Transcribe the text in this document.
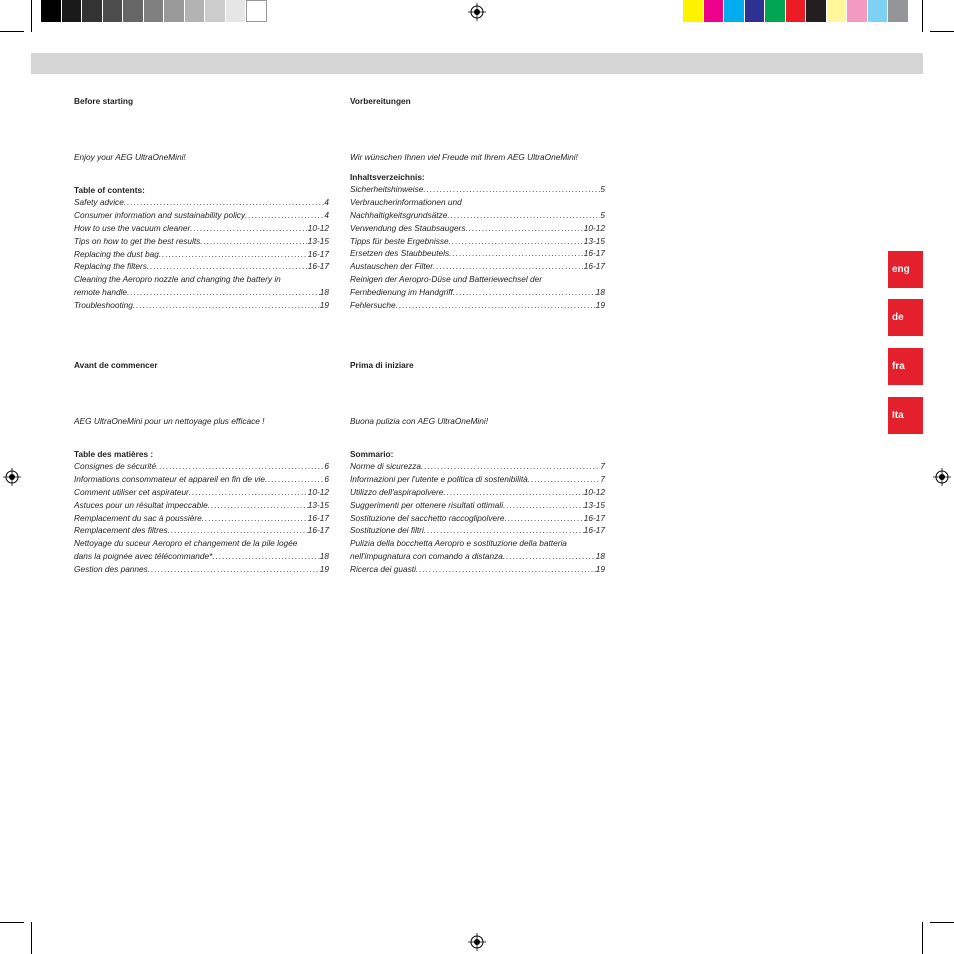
Before starting
Enjoy your AEG UltraOneMini!
Table of contents:
Safety advice .....	4
Consumer information and sustainability policy .....	4
How to use the vacuum cleaner .....	10-12
Tips on how to get the best results .....	13-15
Replacing the dust bag .....	16-17
Replacing the filters .....	16-17
Cleaning the Aeropro nozzle and changing the battery in
remote handle .....	18
Troubleshooting .....	19
Vorbereitungen
Wir wünschen Ihnen viel Freude mit Ihrem AEG UltraOneMini!
Inhaltsverzeichnis:
Sicherheitshinweise .....	5
Verbraucherinformationen und
Nachhaltigkeitsgrundsätze .....	5
Verwendung des Staubsaugers .....	10-12
Tipps für beste Ergebnisse .....	13-15
Ersetzen des Staubbeutels .....	16-17
Austauschen der Filter .....	16-17
Reinigen der Aeropro-Düse und Batteriewechsel der
Fernbedienung im Handgriff .....	18
Fehlersuche .....	19
Avant de commencer
AEG UltraOneMini pour un nettoyage plus efficace !
Table des matières :
Consignes de sécurité .....	6
Informations consommateur et appareil en fin de vie .....	6
Comment utiliser cet aspirateur .....	10-12
Astuces pour un résultat impeccable .....	13-15
Remplacement du sac à poussière .....	16-17
Remplacement des filtres .....	16-17
Nettoyage du suceur Aeropro et changement de la pile logée
dans la poignée avec télécommande* .....	18
Gestion des pannes .....	19
Prima di iniziare
Buona pulizia con AEG UltraOneMini!
Sommario:
Norme di sicurezza .....	7
Informazioni per l'utente e politica di sostenibilità .....	7
Utilizzo dell'aspirapolvere .....	10-12
Suggerimenti per ottenere risultati ottimali .....	13-15
Sostituzione del sacchetto raccoglipolvere .....	16-17
Sostituzione dei filtri .....	16-17
Pulizia della bocchetta Aeropro e sostituzione della batteria
nell'impugnatura con comando a distanza .....	18
Ricerca dei guasti .....	19
eng
de
fra
Ita
